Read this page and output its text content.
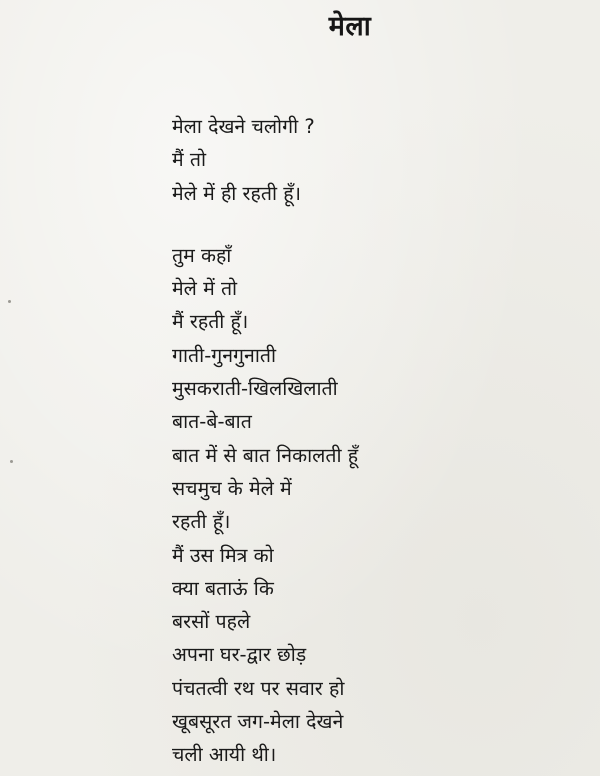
मेला
मेला देखने चलोगी ?
मैं तो
मेले में ही रहती हूँ।
तुम कहाँ
मेले में तो
मैं रहती हूँ।
गाती-गुनगुनाती
मुसकराती-खिलखिलाती
बात-बे-बात
बात में से बात निकालती हूँ
सचमुच के मेले में
रहती हूँ।
मैं उस मित्र को
क्या बताऊं कि
बरसों पहले
अपना घर-द्वार छोड़
पंचतत्वी रथ पर सवार हो
खूबसूरत जग-मेला देखने
चली आयी थी।
